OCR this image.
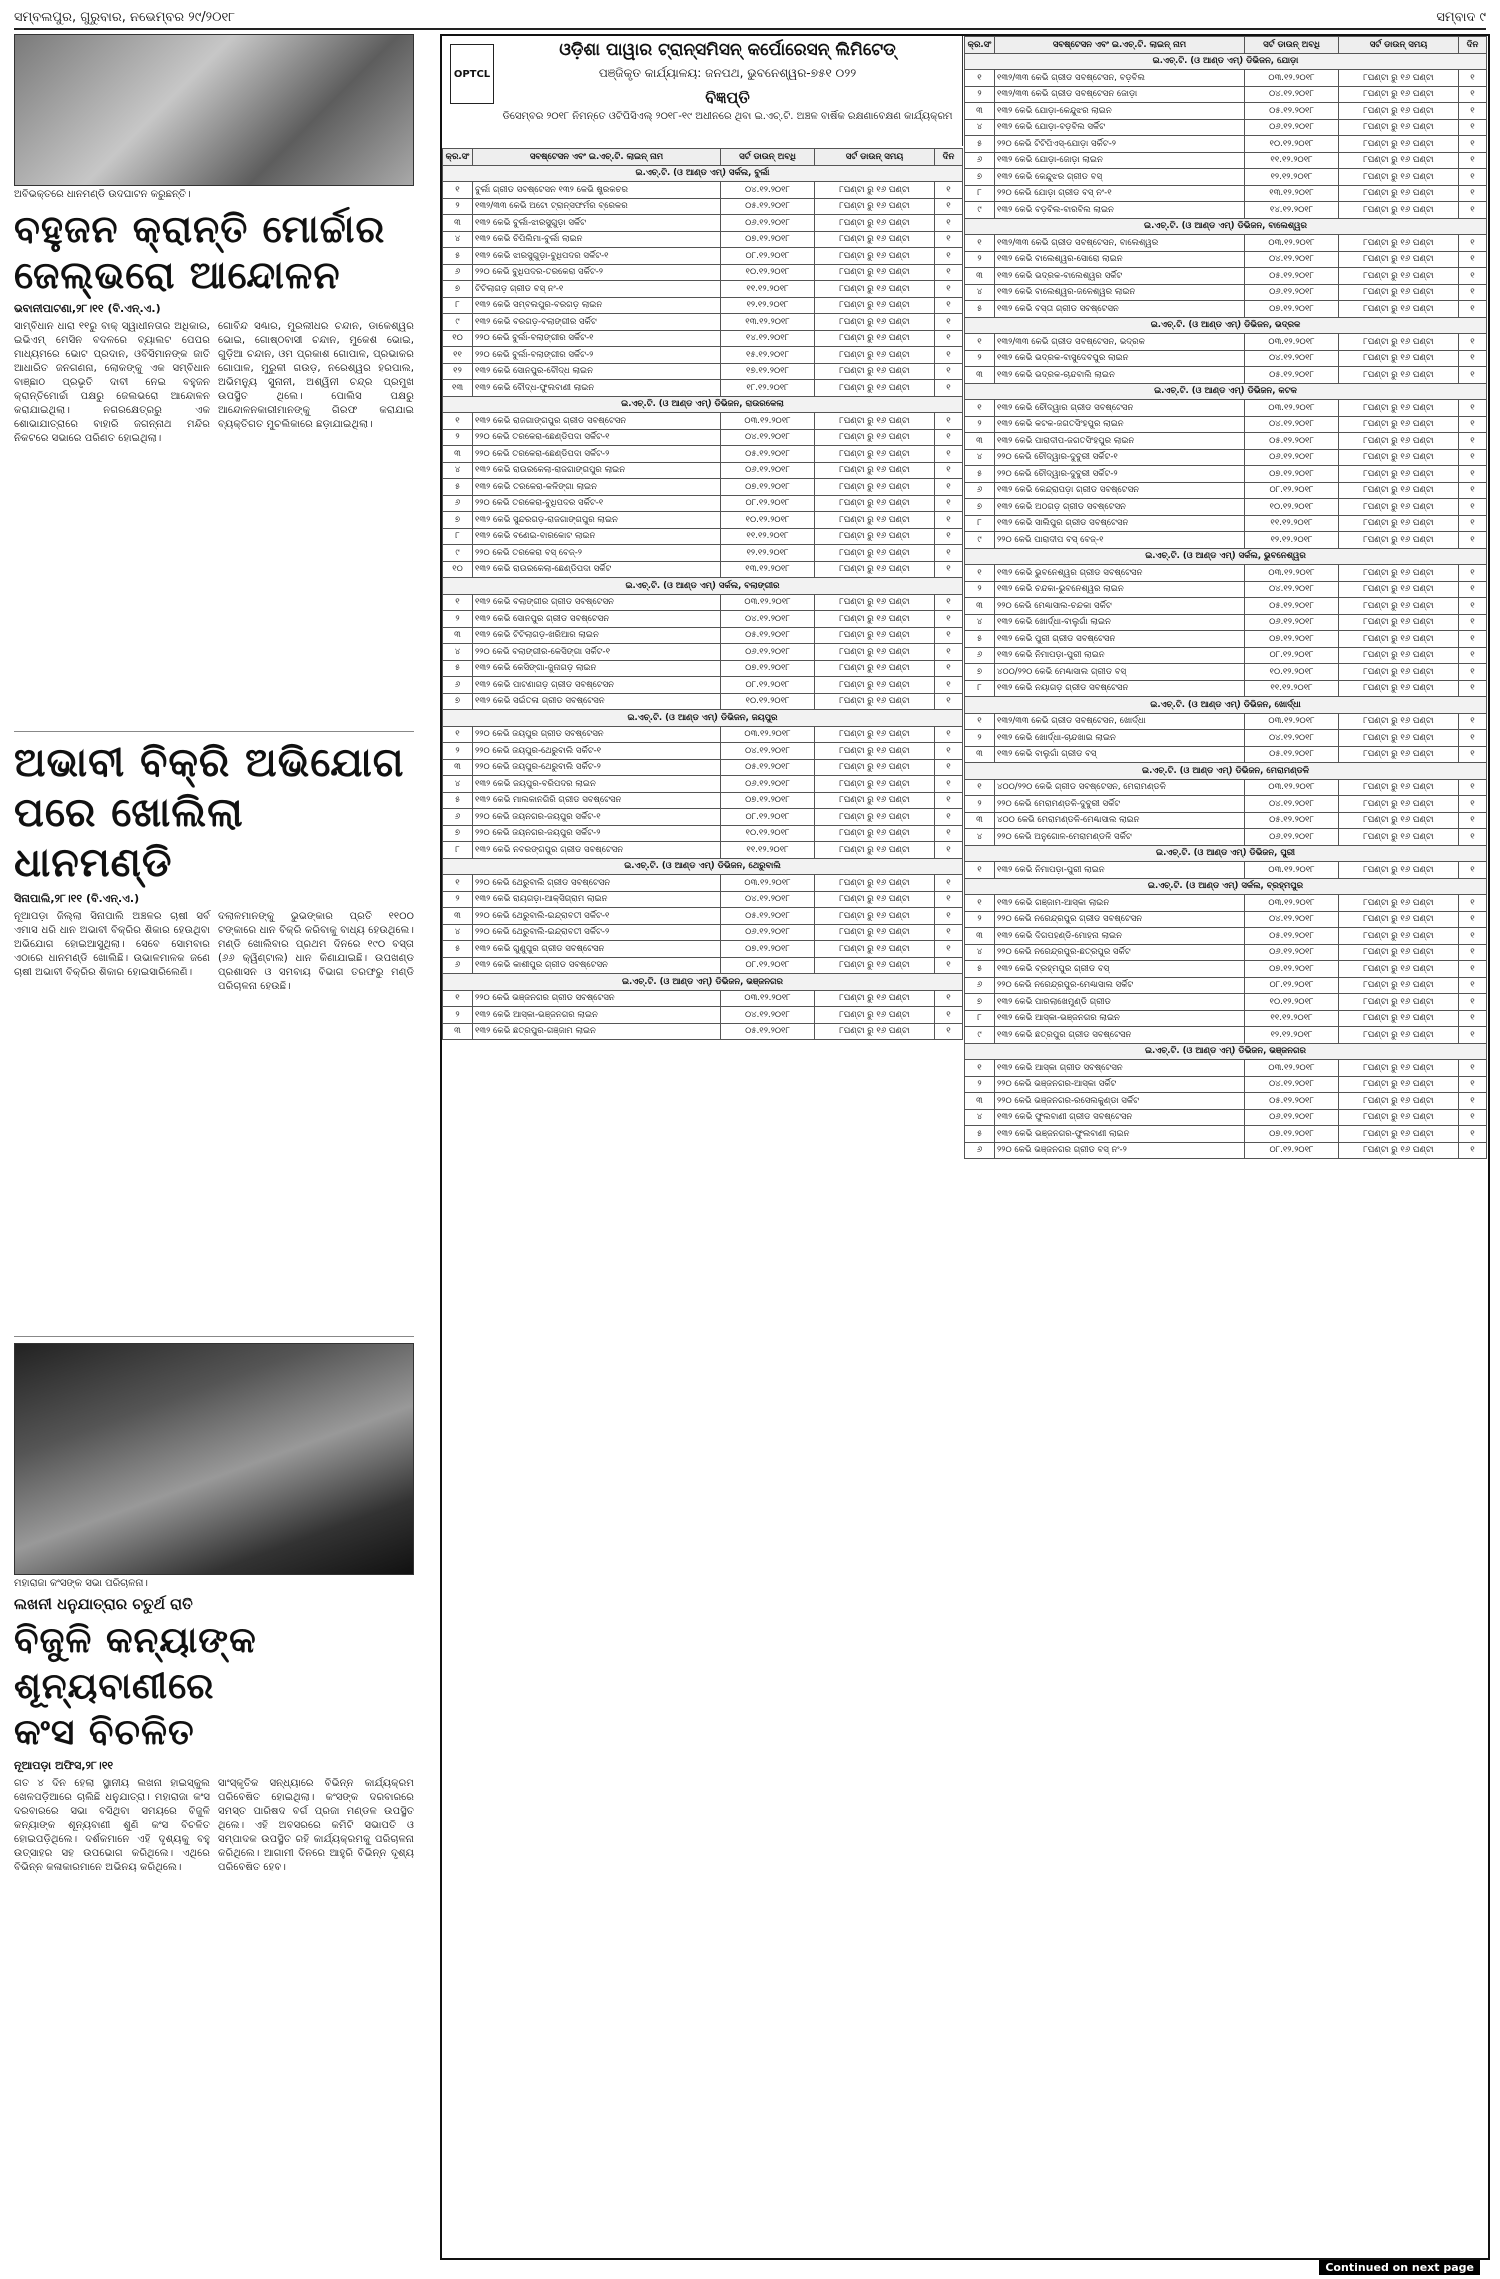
ସମ୍ବଲପୁର, ଗୁରୁବାର, ନଭେମ୍ବର ୨୯/୨୦୧୮	ସମ୍ବାଦ ୯
ଅବିଭକ୍ତରେ ଧାନମଣ୍ଡି ଉଦଘାଟନ କରୁଛନ୍ତି।
ବହୁଜନ କ୍ରାନ୍ତି ମୋର୍ଚ୍ଚାର
ଜେଲ୍‌ଭରୋ ଆନ୍ଦୋଳନ
ଭବାନୀପାଟଣା,୨୮।୧୧ (ବି.ଏନ୍.ଏ.)

ସାମ୍ବିଧାନ ଧାରା ୧୧ରୁ ବାକ୍ ସ୍ୱାଧୀନତାର ଅଧିକାର, ଇଭିଏମ୍ ମେସିନ ବଦଳରେ ବ୍ୟାଲଟ ପେପର ମାଧ୍ୟମରେ ଭୋଟ ପ୍ରଦାନ, ଓବିସିମାନଙ୍କ ଜାତି ଆଧାରିତ ଜନଗଣନା, ଲୋକଙ୍କୁ ଏକ ସମ୍ବିଧାନ ବାଞ୍ଛାଠ ପ୍ରଭୃତି ଦାବୀ ନେଇ ବହୁଜନ କ୍ରାନ୍ତିମୋର୍ଚ୍ଚା ପକ୍ଷରୁ ଜେଲଭରୋ ଆନ୍ଦୋଳନ କରାଯାଇଥିଲା। ନଗରକ୍ଷେତ୍ରରୁ ଏକ ଶୋଭାଯାତ୍ରାରେ ବାହାରି ଜଗନ୍ନାଥ ମନ୍ଦିର ନିକଟରେ ସଭାରେ ପରିଣତ ହୋଇଥିଲା।

ଗୋବିନ୍ଦ ସଣ୍ଢାର, ମୁରଲୀଧର ଚନ୍ଦାନ, ଡାକେଶ୍ୱର ଭୋଇ, ଗୋଷ୍ଠବାସୀ ଚନ୍ଦାନ, ମୁକେଶ ଭୋଇ, ଗୁଡ଼ିଆ ଚନ୍ଦାନ, ଓମ ପ୍ରକାଶ ଗୋପାଳ, ପ୍ରଭାକର ଗୋପାଳ, ମୁରୁଳୀ ଗଉଡ଼, ନରେଶ୍ୱର ହରପାଲ, ଅଭିମନ୍ୟୁ ସୁନାନୀ, ଅଶ୍ୱିନୀ ଚନ୍ଦ୍ର ପ୍ରମୁଖ ଉପସ୍ଥିତ ଥିଲେ। ପୋଲିସ ପକ୍ଷରୁ ଆନ୍ଦୋଳନକାରୀମାନଙ୍କୁ ଗିରଫ କରାଯାଇ ବ୍ୟକ୍ତିଗତ ମୁଚଲିକାରେ ଛଡ଼ାଯାଇଥିଲା।

ଅଭାବୀ ବିକ୍ରି ଅଭିଯୋଗ
ପରେ ଖୋଲିଲା ଧାନମଣ୍ଡି
ସିନାପାଲି,୨୮।୧୧ (ବି.ଏନ୍.ଏ.)

ନୂଆପଡ଼ା ଜିଲ୍ଲା ସିନାପାଲି ଅଞ୍ଚଳର ଚାଷୀ ସର୍ବ ଏମାସ ଧରି ଧାନ ଅଭାବୀ ବିକ୍ରିର ଶିକାର ହେଉଥିବା ଅଭିଯୋଗ ହୋଇଆସୁଥିଲା। ସେବେ ସୋମବାର ଏଠାରେ ଧାନମଣ୍ଡି ଖୋଲିଛି। ଉଭାଳମାଳକ ଜଣେ ଚାଷୀ ଅଭାବୀ ବିକ୍ରିର ଶିକାର ହୋଇସାରିଲେଣି।

ଦଲାଳମାନଙ୍କୁ ଭୁଭଙ୍କାର ପ୍ରତି ୧୧୦୦ ଟଙ୍କାରେ ଧାନ ବିକ୍ରି କରିବାକୁ ବାଧ୍ୟ ହେଉଥିଲେ। ମଣ୍ଡି ଖୋଲିବାର ପ୍ରଥମ ଦିନରେ ୧୯୦ ବସ୍ତା (୬୬ କ୍ୱିଣ୍ଟାଲ) ଧାନ କିଣାଯାଇଛି। ଉପଖଣ୍ଡ ପ୍ରଶାସନ ଓ ସମବାୟ ବିଭାଗ ତରଫରୁ ମଣ୍ଡି ପରିଚାଳନା ହେଉଛି।

ମହାରାଜା କଂସଙ୍କ ସଭା ପରିଚାଳନା।
ଲଖନୀ ଧନୁଯାତ୍ରାର ଚତୁର୍ଥ ରାତି
ବିଜୁଳି କନ୍ୟାଙ୍କ ଶୂନ୍ୟବାଣୀରେ
କଂସ ବିଚଳିତ
ନୂଆପଡ଼ା ଅଫିସ,୨୮।୧୧

ଗତ ୪ ଦିନ ହେଲା ସ୍ଥାନୀୟ ଲଖନା ହାଇସ୍କୁଲ ଖେଳପଡ଼ିଆରେ ଚାଲିଛି ଧନୁଯାତ୍ରା। ମହାରାଜା କଂସ ଦରବାରରେ ସଭା ବସିଥିବା ସମୟରେ ବିଜୁଳି କନ୍ୟାଙ୍କ ଶୂନ୍ୟବାଣୀ ଶୁଣି କଂସ ବିଚଳିତ ହୋଇପଡ଼ିଥିଲେ। ଦର୍ଶକମାନେ ଏହି ଦୃଶ୍ୟକୁ ବହୁ ଉତ୍ସାହର ସହ ଉପଭୋଗ କରିଥିଲେ। ଏଥିରେ ବିଭିନ୍ନ କଳାକାରମାନେ ଅଭିନୟ କରିଥିଲେ।

ସାଂସ୍କୃତିକ ସନ୍ଧ୍ୟାରେ ବିଭିନ୍ନ କାର୍ଯ୍ୟକ୍ରମ ପରିବେଷିତ ହୋଇଥିଲା। କଂସଙ୍କ ଦରବାରରେ ସମସ୍ତ ପାରିଷଦ ବର୍ଗ ପ୍ରଜା ମଣ୍ଡଳ ଉପସ୍ଥିତ ଥିଲେ। ଏହି ଅବସରରେ କମିଟି ସଭାପତି ଓ ସମ୍ପାଦକ ଉପସ୍ଥିତ ରହି କାର୍ଯ୍ୟକ୍ରମକୁ ପରିଚାଳନା କରିଥିଲେ। ଆଗାମୀ ଦିନରେ ଆହୁରି ବିଭିନ୍ନ ଦୃଶ୍ୟ ପରିବେଷିତ ହେବ।

OPTCL
ଓଡ଼ିଶା ପାୱାର ଟ୍ରାନ୍ସମିସନ୍ କର୍ପୋରେସନ୍ ଲିମିଟେଡ୍
ପଞ୍ଜିକୃତ କାର୍ଯ୍ୟାଳୟ: ଜନପଥ, ଭୁବନେଶ୍ୱର-୭୫୧ ୦୨୨
ବିଜ୍ଞପ୍ତି
ଡିସେମ୍ବର ୨୦୧୮ ନିମନ୍ତେ ଓଟିପିସିଏଲ୍ ୨୦୧୮-୧୯ ଅଧୀନରେ ଥିବା ଇ.ଏଚ୍.ଟି. ଅଞ୍ଚଳ ବାର୍ଷିକ ରକ୍ଷଣାବେକ୍ଷଣ କାର୍ଯ୍ୟକ୍ରମ
କ୍ର.ସଂ	ସବଷ୍ଟେସନ ଏବଂ ଇ.ଏଚ୍.ଟି. ଲାଇନ୍ ନାମ	ସର୍ଟ ଡାଉନ୍ ଅବଧି	ସର୍ଟ ଡାଉନ୍ ସମୟ	ଦିନ
ଇ.ଏଚ୍.ଟି. (ଓ ଆଣ୍ଡ ଏମ୍) ସର୍କଲ, ବୁର୍ଲା				
୧	ବୁର୍ଲା ଗ୍ରୀଡ ସବଷ୍ଟେସନ ୧୩୨ କେଭି ଷ୍ଟ୍ରକଚର	୦୪.୧୨.୨୦୧୮	୮ଘଣ୍ଟା ରୁ ୧୬ ଘଣ୍ଟା	୧
୨	୧୩୨/୩୩ କେଭି ଅଟୋ ଟ୍ରାନ୍ସଫର୍ମର ବ୍ରେକର	୦୫.୧୨.୨୦୧୮	୮ଘଣ୍ଟା ରୁ ୧୬ ଘଣ୍ଟା	୧
୩	୧୩୨ କେଭି ବୁର୍ଲା-ଝାରସୁଗୁଡ଼ା ସର୍କିଟ	୦୬.୧୨.୨୦୧୮	୮ଘଣ୍ଟା ରୁ ୧୬ ଘଣ୍ଟା	୧
୪	୧୩୨ କେଭି ଚିପିଲିମା-ବୁର୍ଲା ଲାଇନ	୦୭.୧୨.୨୦୧୮	୮ଘଣ୍ଟା ରୁ ୧୬ ଘଣ୍ଟା	୧
୫	୧୩୨ କେଭି ଝାରସୁଗୁଡ଼ା-ବୁଧିପଦର ସର୍କିଟ-୧	୦୮.୧୨.୨୦୧୮	୮ଘଣ୍ଟା ରୁ ୧୬ ଘଣ୍ଟା	୧
୬	୨୨୦ କେଭି ବୁଧିପଦର-ତରକେରା ସର୍କିଟ-୨	୧୦.୧୨.୨୦୧୮	୮ଘଣ୍ଟା ରୁ ୧୬ ଘଣ୍ଟା	୧
୭	ଟିଟିଲାଗଡ଼ ଗ୍ରୀଡ ବସ୍ ନଂ-୧	୧୧.୧୨.୨୦୧୮	୮ଘଣ୍ଟା ରୁ ୧୬ ଘଣ୍ଟା	୧
୮	୧୩୨ କେଭି ସମ୍ବଲପୁର-ବରଗଡ଼ ଲାଇନ	୧୨.୧୨.୨୦୧୮	୮ଘଣ୍ଟା ରୁ ୧୬ ଘଣ୍ଟା	୧
୯	୧୩୨ କେଭି ବରଗଡ଼-ବଲାଙ୍ଗୀର ସର୍କିଟ	୧୩.୧୨.୨୦୧୮	୮ଘଣ୍ଟା ରୁ ୧୬ ଘଣ୍ଟା	୧
୧୦	୨୨୦ କେଭି ବୁର୍ଲା-ବଲାଙ୍ଗୀର ସର୍କିଟ-୧	୧୪.୧୨.୨୦୧୮	୮ଘଣ୍ଟା ରୁ ୧୬ ଘଣ୍ଟା	୧
୧୧	୨୨୦ କେଭି ବୁର୍ଲା-ବଲାଙ୍ଗୀର ସର୍କିଟ-୨	୧୫.୧୨.୨୦୧୮	୮ଘଣ୍ଟା ରୁ ୧୬ ଘଣ୍ଟା	୧
୧୨	୧୩୨ କେଭି ସୋନପୁର-ବୌଦ୍ଧ ଲାଇନ	୧୭.୧୨.୨୦୧୮	୮ଘଣ୍ଟା ରୁ ୧୬ ଘଣ୍ଟା	୧
୧୩	୧୩୨ କେଭି ବୌଦ୍ଧ-ଫୁଲବାଣୀ ଲାଇନ	୧୮.୧୨.୨୦୧୮	୮ଘଣ୍ଟା ରୁ ୧୬ ଘଣ୍ଟା	୧
ଇ.ଏଚ୍.ଟି. (ଓ ଆଣ୍ଡ ଏମ୍) ଡିଭିଜନ, ରାଉରକେଲା				
୧	୧୩୨ କେଭି ରାଜଗାଙ୍ଗପୁର ଗ୍ରୀଡ ସବଷ୍ଟେସନ	୦୩.୧୨.୨୦୧୮	୮ଘଣ୍ଟା ରୁ ୧୬ ଘଣ୍ଟା	୧
୨	୨୨୦ କେଭି ତରକେରା-ଛେଣ୍ଡିପଦା ସର୍କିଟ-୧	୦୪.୧୨.୨୦୧୮	୮ଘଣ୍ଟା ରୁ ୧୬ ଘଣ୍ଟା	୧
୩	୨୨୦ କେଭି ତରକେରା-ଛେଣ୍ଡିପଦା ସର୍କିଟ-୨	୦୫.୧୨.୨୦୧୮	୮ଘଣ୍ଟା ରୁ ୧୬ ଘଣ୍ଟା	୧
୪	୧୩୨ କେଭି ରାଉରକେଲା-ରାଜଗାଙ୍ଗପୁର ଲାଇନ	୦୬.୧୨.୨୦୧୮	୮ଘଣ୍ଟା ରୁ ୧୬ ଘଣ୍ଟା	୧
୫	୧୩୨ କେଭି ତରକେରା-କଳିଙ୍ଗା ଲାଇନ	୦୭.୧୨.୨୦୧୮	୮ଘଣ୍ଟା ରୁ ୧୬ ଘଣ୍ଟା	୧
୬	୨୨୦ କେଭି ତରକେରା-ବୁଧିପଦର ସର୍କିଟ-୧	୦୮.୧୨.୨୦୧୮	୮ଘଣ୍ଟା ରୁ ୧୬ ଘଣ୍ଟା	୧
୭	୧୩୨ କେଭି ସୁନ୍ଦରଗଡ଼-ରାଜଗାଙ୍ଗପୁର ଲାଇନ	୧୦.୧୨.୨୦୧୮	୮ଘଣ୍ଟା ରୁ ୧୬ ଘଣ୍ଟା	୧
୮	୧୩୨ କେଭି ବଣେଇ-ବାରକୋଟ ଲାଇନ	୧୧.୧୨.୨୦୧୮	୮ଘଣ୍ଟା ରୁ ୧୬ ଘଣ୍ଟା	୧
୯	୨୨୦ କେଭି ତରକେରା ବସ୍ ବେଜ୍-୨	୧୨.୧୨.୨୦୧୮	୮ଘଣ୍ଟା ରୁ ୧୬ ଘଣ୍ଟା	୧
୧୦	୧୩୨ କେଭି ରାଉରକେଲା-ଛେଣ୍ଡିପଦା ସର୍କିଟ	୧୩.୧୨.୨୦୧୮	୮ଘଣ୍ଟା ରୁ ୧୬ ଘଣ୍ଟା	୧
ଇ.ଏଚ୍.ଟି. (ଓ ଆଣ୍ଡ ଏମ୍) ସର୍କଲ, ବଲାଙ୍ଗୀର				
୧	୧୩୨ କେଭି ବଲାଙ୍ଗୀର ଗ୍ରୀଡ ସବଷ୍ଟେସନ	୦୩.୧୨.୨୦୧୮	୮ଘଣ୍ଟା ରୁ ୧୬ ଘଣ୍ଟା	୧
୨	୧୩୨ କେଭି ସୋନପୁର ଗ୍ରୀଡ ସବଷ୍ଟେସନ	୦୪.୧୨.୨୦୧୮	୮ଘଣ୍ଟା ରୁ ୧୬ ଘଣ୍ଟା	୧
୩	୧୩୨ କେଭି ଟିଟିଲାଗଡ଼-ଖରିଆର ଲାଇନ	୦୫.୧୨.୨୦୧୮	୮ଘଣ୍ଟା ରୁ ୧୬ ଘଣ୍ଟା	୧
୪	୨୨୦ କେଭି ବଲାଙ୍ଗୀର-କେସିଙ୍ଗା ସର୍କିଟ-୧	୦୬.୧୨.୨୦୧୮	୮ଘଣ୍ଟା ରୁ ୧୬ ଘଣ୍ଟା	୧
୫	୧୩୨ କେଭି କେସିଙ୍ଗା-ଜୁନାଗଡ଼ ଲାଇନ	୦୭.୧୨.୨୦୧୮	୮ଘଣ୍ଟା ରୁ ୧୬ ଘଣ୍ଟା	୧
୬	୧୩୨ କେଭି ପାଟଣାଗଡ଼ ଗ୍ରୀଡ ସବଷ୍ଟେସନ	୦୮.୧୨.୨୦୧୮	୮ଘଣ୍ଟା ରୁ ୧୬ ଘଣ୍ଟା	୧
୭	୧୩୨ କେଭି ସଇଁତଳା ଗ୍ରୀଡ ସବଷ୍ଟେସନ	୧୦.୧୨.୨୦୧୮	୮ଘଣ୍ଟା ରୁ ୧୬ ଘଣ୍ଟା	୧
ଇ.ଏଚ୍.ଟି. (ଓ ଆଣ୍ଡ ଏମ୍) ଡିଭିଜନ, ଜୟପୁର				
୧	୨୨୦ କେଭି ଜୟପୁର ଗ୍ରୀଡ ସବଷ୍ଟେସନ	୦୩.୧୨.୨୦୧୮	୮ଘଣ୍ଟା ରୁ ୧୬ ଘଣ୍ଟା	୧
୨	୨୨୦ କେଭି ଜୟପୁର-ଥେରୁବାଲି ସର୍କିଟ-୧	୦୪.୧୨.୨୦୧୮	୮ଘଣ୍ଟା ରୁ ୧୬ ଘଣ୍ଟା	୧
୩	୨୨୦ କେଭି ଜୟପୁର-ଥେରୁବାଲି ସର୍କିଟ-୨	୦୫.୧୨.୨୦୧୮	୮ଘଣ୍ଟା ରୁ ୧୬ ଘଣ୍ଟା	୧
୪	୧୩୨ କେଭି ଜୟପୁର-ବରିପଦର ଲାଇନ	୦୬.୧୨.୨୦୧୮	୮ଘଣ୍ଟା ରୁ ୧୬ ଘଣ୍ଟା	୧
୫	୧୩୨ କେଭି ମାଲକାନଗିରି ଗ୍ରୀଡ ସବଷ୍ଟେସନ	୦୭.୧୨.୨୦୧୮	୮ଘଣ୍ଟା ରୁ ୧୬ ଘଣ୍ଟା	୧
୬	୨୨୦ କେଭି ଜୟନଗର-ଜୟପୁର ସର୍କିଟ-୧	୦୮.୧୨.୨୦୧୮	୮ଘଣ୍ଟା ରୁ ୧୬ ଘଣ୍ଟା	୧
୭	୨୨୦ କେଭି ଜୟନଗର-ଜୟପୁର ସର୍କିଟ-୨	୧୦.୧୨.୨୦୧୮	୮ଘଣ୍ଟା ରୁ ୧୬ ଘଣ୍ଟା	୧
୮	୧୩୨ କେଭି ନବରଙ୍ଗପୁର ଗ୍ରୀଡ ସବଷ୍ଟେସନ	୧୧.୧୨.୨୦୧୮	୮ଘଣ୍ଟା ରୁ ୧୬ ଘଣ୍ଟା	୧
ଇ.ଏଚ୍.ଟି. (ଓ ଆଣ୍ଡ ଏମ୍) ଡିଭିଜନ, ଥେରୁବାଲି				
୧	୨୨୦ କେଭି ଥେରୁବାଲି ଗ୍ରୀଡ ସବଷ୍ଟେସନ	୦୩.୧୨.୨୦୧୮	୮ଘଣ୍ଟା ରୁ ୧୬ ଘଣ୍ଟା	୧
୨	୧୩୨ କେଭି ରାୟଗଡ଼ା-ଆକ୍ସିଗ୍ରାମ ଲାଇନ	୦୪.୧୨.୨୦୧୮	୮ଘଣ୍ଟା ରୁ ୧୬ ଘଣ୍ଟା	୧
୩	୨୨୦ କେଭି ଥେରୁବାଲି-ଇନ୍ଦ୍ରାବତୀ ସର୍କିଟ-୧	୦୫.୧୨.୨୦୧୮	୮ଘଣ୍ଟା ରୁ ୧୬ ଘଣ୍ଟା	୧
୪	୨୨୦ କେଭି ଥେରୁବାଲି-ଇନ୍ଦ୍ରାବତୀ ସର୍କିଟ-୨	୦୬.୧୨.୨୦୧୮	୮ଘଣ୍ଟା ରୁ ୧୬ ଘଣ୍ଟା	୧
୫	୧୩୨ କେଭି ଗୁଣୁପୁର ଗ୍ରୀଡ ସବଷ୍ଟେସନ	୦୭.୧୨.୨୦୧୮	୮ଘଣ୍ଟା ରୁ ୧୬ ଘଣ୍ଟା	୧
୬	୧୩୨ କେଭି କାଶୀପୁର ଗ୍ରୀଡ ସବଷ୍ଟେସନ	୦୮.୧୨.୨୦୧୮	୮ଘଣ୍ଟା ରୁ ୧୬ ଘଣ୍ଟା	୧
ଇ.ଏଚ୍.ଟି. (ଓ ଆଣ୍ଡ ଏମ୍) ଡିଭିଜନ, ଭଞ୍ଜନଗର				
୧	୨୨୦ କେଭି ଭଞ୍ଜନଗର ଗ୍ରୀଡ ସବଷ୍ଟେସନ	୦୩.୧୨.୨୦୧୮	୮ଘଣ୍ଟା ରୁ ୧୬ ଘଣ୍ଟା	୧
୨	୧୩୨ କେଭି ଆସ୍କା-ଭଞ୍ଜନଗର ଲାଇନ	୦୪.୧୨.୨୦୧୮	୮ଘଣ୍ଟା ରୁ ୧୬ ଘଣ୍ଟା	୧
୩	୧୩୨ କେଭି ଛତ୍ରପୁର-ଗଞ୍ଜାମ ଲାଇନ	୦୫.୧୨.୨୦୧୮	୮ଘଣ୍ଟା ରୁ ୧୬ ଘଣ୍ଟା	୧
କ୍ର.ସଂ	ସବଷ୍ଟେସନ ଏବଂ ଇ.ଏଚ୍.ଟି. ଲାଇନ୍ ନାମ	ସର୍ଟ ଡାଉନ୍ ଅବଧି	ସର୍ଟ ଡାଉନ୍ ସମୟ	ଦିନ
ଇ.ଏଚ୍.ଟି. (ଓ ଆଣ୍ଡ ଏମ୍) ଡିଭିଜନ, ଯୋଡ଼ା				
୧	୧୩୨/୩୩ କେଭି ଗ୍ରୀଡ ସବଷ୍ଟେସନ, ବଡ଼ବିଲ	୦୩.୧୨.୨୦୧୮	୮ଘଣ୍ଟା ରୁ ୧୬ ଘଣ୍ଟା	୧
୨	୧୩୨/୩୩ କେଭି ଗ୍ରୀଡ ସବଷ୍ଟେସନ ଜୋଡ଼ା	୦୪.୧୨.୨୦୧୮	୮ଘଣ୍ଟା ରୁ ୧୬ ଘଣ୍ଟା	୧
୩	୧୩୨ କେଭି ଯୋଡ଼ା-କେନ୍ଦୁଝର ଲାଇନ	୦୫.୧୨.୨୦୧୮	୮ଘଣ୍ଟା ରୁ ୧୬ ଘଣ୍ଟା	୧
୪	୧୩୨ କେଭି ଯୋଡ଼ା-ବଡ଼ବିଲ ସର୍କିଟ	୦୬.୧୨.୨୦୧୮	୮ଘଣ୍ଟା ରୁ ୧୬ ଘଣ୍ଟା	୧
୫	୨୨୦ କେଭି ଟିଟିପିଏସ୍-ଯୋଡ଼ା ସର୍କିଟ-୨	୧୦.୧୨.୨୦୧୮	୮ଘଣ୍ଟା ରୁ ୧୬ ଘଣ୍ଟା	୧
୬	୧୩୨ କେଭି ଯୋଡ଼ା-ଜୋଡ଼ା ଲାଇନ	୧୧.୧୨.୨୦୧୮	୮ଘଣ୍ଟା ରୁ ୧୬ ଘଣ୍ଟା	୧
୭	୧୩୨ କେଭି କେନ୍ଦୁଝର ଗ୍ରୀଡ ବସ୍	୧୨.୧୨.୨୦୧୮	୮ଘଣ୍ଟା ରୁ ୧୬ ଘଣ୍ଟା	୧
୮	୨୨୦ କେଭି ଯୋଡ଼ା ଗ୍ରୀଡ ବସ୍ ନଂ-୧	୧୩.୧୨.୨୦୧୮	୮ଘଣ୍ଟା ରୁ ୧୬ ଘଣ୍ଟା	୧
୯	୧୩୨ କେଭି ବଡ଼ବିଲ-ବାରବିଲ ଲାଇନ	୧୪.୧୨.୨୦୧୮	୮ଘଣ୍ଟା ରୁ ୧୬ ଘଣ୍ଟା	୧
ଇ.ଏଚ୍.ଟି. (ଓ ଆଣ୍ଡ ଏମ୍) ଡିଭିଜନ, ବାଲେଶ୍ୱର				
୧	୧୩୨/୩୩ କେଭି ଗ୍ରୀଡ ସବଷ୍ଟେସନ, ବାଲେଶ୍ୱର	୦୩.୧୨.୨୦୧୮	୮ଘଣ୍ଟା ରୁ ୧୬ ଘଣ୍ଟା	୧
୨	୧୩୨ କେଭି ବାଲେଶ୍ୱର-ସୋରୋ ଲାଇନ	୦୪.୧୨.୨୦୧୮	୮ଘଣ୍ଟା ରୁ ୧୬ ଘଣ୍ଟା	୧
୩	୧୩୨ କେଭି ଭଦ୍ରକ-ବାଲେଶ୍ୱର ସର୍କିଟ	୦୫.୧୨.୨୦୧୮	୮ଘଣ୍ଟା ରୁ ୧୬ ଘଣ୍ଟା	୧
୪	୧୩୨ କେଭି ବାଲେଶ୍ୱର-ଜଳେଶ୍ୱର ଲାଇନ	୦୬.୧୨.୨୦୧୮	୮ଘଣ୍ଟା ରୁ ୧୬ ଘଣ୍ଟା	୧
୫	୧୩୨ କେଭି ବସ୍ତା ଗ୍ରୀଡ ସବଷ୍ଟେସନ	୦୭.୧୨.୨୦୧୮	୮ଘଣ୍ଟା ରୁ ୧୬ ଘଣ୍ଟା	୧
ଇ.ଏଚ୍.ଟି. (ଓ ଆଣ୍ଡ ଏମ୍) ଡିଭିଜନ, ଭଦ୍ରକ				
୧	୧୩୨/୩୩ କେଭି ଗ୍ରୀଡ ସବଷ୍ଟେସନ, ଭଦ୍ରକ	୦୩.୧୨.୨୦୧୮	୮ଘଣ୍ଟା ରୁ ୧୬ ଘଣ୍ଟା	୧
୨	୧୩୨ କେଭି ଭଦ୍ରକ-ବାସୁଦେବପୁର ଲାଇନ	୦୪.୧୨.୨୦୧୮	୮ଘଣ୍ଟା ରୁ ୧୬ ଘଣ୍ଟା	୧
୩	୧୩୨ କେଭି ଭଦ୍ରକ-ଚାନ୍ଦବାଲି ଲାଇନ	୦୫.୧୨.୨୦୧୮	୮ଘଣ୍ଟା ରୁ ୧୬ ଘଣ୍ଟା	୧
ଇ.ଏଚ୍.ଟି. (ଓ ଆଣ୍ଡ ଏମ୍) ଡିଭିଜନ, କଟକ				
୧	୧୩୨ କେଭି ଚୌଦ୍ୱାର ଗ୍ରୀଡ ସବଷ୍ଟେସନ	୦୩.୧୨.୨୦୧୮	୮ଘଣ୍ଟା ରୁ ୧୬ ଘଣ୍ଟା	୧
୨	୧୩୨ କେଭି କଟକ-ଜଗତସିଂହପୁର ଲାଇନ	୦୪.୧୨.୨୦୧୮	୮ଘଣ୍ଟା ରୁ ୧୬ ଘଣ୍ଟା	୧
୩	୧୩୨ କେଭି ପାରାଦୀପ-ଜଗତସିଂହପୁର ଲାଇନ	୦୫.୧୨.୨୦୧୮	୮ଘଣ୍ଟା ରୁ ୧୬ ଘଣ୍ଟା	୧
୪	୨୨୦ କେଭି ଚୌଦ୍ୱାର-ଦୁବୁରୀ ସର୍କିଟ-୧	୦୬.୧୨.୨୦୧୮	୮ଘଣ୍ଟା ରୁ ୧୬ ଘଣ୍ଟା	୧
୫	୨୨୦ କେଭି ଚୌଦ୍ୱାର-ଦୁବୁରୀ ସର୍କିଟ-୨	୦୭.୧୨.୨୦୧୮	୮ଘଣ୍ଟା ରୁ ୧୬ ଘଣ୍ଟା	୧
୬	୧୩୨ କେଭି କେନ୍ଦ୍ରାପଡ଼ା ଗ୍ରୀଡ ସବଷ୍ଟେସନ	୦୮.୧୨.୨୦୧୮	୮ଘଣ୍ଟା ରୁ ୧୬ ଘଣ୍ଟା	୧
୭	୧୩୨ କେଭି ଅଠଗଡ଼ ଗ୍ରୀଡ ସବଷ୍ଟେସନ	୧୦.୧୨.୨୦୧୮	୮ଘଣ୍ଟା ରୁ ୧୬ ଘଣ୍ଟା	୧
୮	୧୩୨ କେଭି ସାଲିପୁର ଗ୍ରୀଡ ସବଷ୍ଟେସନ	୧୧.୧୨.୨୦୧୮	୮ଘଣ୍ଟା ରୁ ୧୬ ଘଣ୍ଟା	୧
୯	୨୨୦ କେଭି ପାରାଦୀପ ବସ୍ ବେଜ୍-୧	୧୨.୧୨.୨୦୧୮	୮ଘଣ୍ଟା ରୁ ୧୬ ଘଣ୍ଟା	୧
ଇ.ଏଚ୍.ଟି. (ଓ ଆଣ୍ଡ ଏମ୍) ସର୍କଲ, ଭୁବନେଶ୍ୱର				
୧	୧୩୨ କେଭି ଭୁବନେଶ୍ୱର ଗ୍ରୀଡ ସବଷ୍ଟେସନ	୦୩.୧୨.୨୦୧୮	୮ଘଣ୍ଟା ରୁ ୧୬ ଘଣ୍ଟା	୧
୨	୧୩୨ କେଭି ଚନ୍ଦକା-ଭୁବନେଶ୍ୱର ଲାଇନ	୦୪.୧୨.୨୦୧୮	୮ଘଣ୍ଟା ରୁ ୧୬ ଘଣ୍ଟା	୧
୩	୨୨୦ କେଭି ମେଣ୍ଢାସାଲ-ଚନ୍ଦକା ସର୍କିଟ	୦୫.୧୨.୨୦୧୮	୮ଘଣ୍ଟା ରୁ ୧୬ ଘଣ୍ଟା	୧
୪	୧୩୨ କେଭି ଖୋର୍ଦ୍ଧା-ବାଲୁଗାଁ ଲାଇନ	୦୬.୧୨.୨୦୧୮	୮ଘଣ୍ଟା ରୁ ୧୬ ଘଣ୍ଟା	୧
୫	୧୩୨ କେଭି ପୁରୀ ଗ୍ରୀଡ ସବଷ୍ଟେସନ	୦୭.୧୨.୨୦୧୮	୮ଘଣ୍ଟା ରୁ ୧୬ ଘଣ୍ଟା	୧
୬	୧୩୨ କେଭି ନିମାପଡ଼ା-ପୁରୀ ଲାଇନ	୦୮.୧୨.୨୦୧୮	୮ଘଣ୍ଟା ରୁ ୧୬ ଘଣ୍ଟା	୧
୭	୪୦୦/୨୨୦ କେଭି ମେଣ୍ଢାସାଲ ଗ୍ରୀଡ ବସ୍	୧୦.୧୨.୨୦୧୮	୮ଘଣ୍ଟା ରୁ ୧୬ ଘଣ୍ଟା	୧
୮	୧୩୨ କେଭି ନୟାଗଡ଼ ଗ୍ରୀଡ ସବଷ୍ଟେସନ	୧୧.୧୨.୨୦୧୮	୮ଘଣ୍ଟା ରୁ ୧୬ ଘଣ୍ଟା	୧
ଇ.ଏଚ୍.ଟି. (ଓ ଆଣ୍ଡ ଏମ୍) ଡିଭିଜନ, ଖୋର୍ଦ୍ଧା				
୧	୧୩୨/୩୩ କେଭି ଗ୍ରୀଡ ସବଷ୍ଟେସନ, ଖୋର୍ଦ୍ଧା	୦୩.୧୨.୨୦୧୮	୮ଘଣ୍ଟା ରୁ ୧୬ ଘଣ୍ଟା	୧
୨	୧୩୨ କେଭି ଖୋର୍ଦ୍ଧା-ଚାନ୍ଦଖାଇ ଲାଇନ	୦୪.୧୨.୨୦୧୮	୮ଘଣ୍ଟା ରୁ ୧୬ ଘଣ୍ଟା	୧
୩	୧୩୨ କେଭି ବାଲୁଗାଁ ଗ୍ରୀଡ ବସ୍	୦୫.୧୨.୨୦୧୮	୮ଘଣ୍ଟା ରୁ ୧୬ ଘଣ୍ଟା	୧
ଇ.ଏଚ୍.ଟି. (ଓ ଆଣ୍ଡ ଏମ୍) ଡିଭିଜନ, ମେରାମଣ୍ଡଳି				
୧	୪୦୦/୨୨୦ କେଭି ଗ୍ରୀଡ ସବଷ୍ଟେସନ, ମେରାମଣ୍ଡଳି	୦୩.୧୨.୨୦୧୮	୮ଘଣ୍ଟା ରୁ ୧୬ ଘଣ୍ଟା	୧
୨	୨୨୦ କେଭି ମେରାମଣ୍ଡଳି-ଦୁବୁରୀ ସର୍କିଟ	୦୪.୧୨.୨୦୧୮	୮ଘଣ୍ଟା ରୁ ୧୬ ଘଣ୍ଟା	୧
୩	୪୦୦ କେଭି ମେରାମଣ୍ଡଳି-ମେଣ୍ଢାସାଲ ଲାଇନ	୦୫.୧୨.୨୦୧୮	୮ଘଣ୍ଟା ରୁ ୧୬ ଘଣ୍ଟା	୧
୪	୨୨୦ କେଭି ଅନୁଗୋଳ-ମେରାମଣ୍ଡଳି ସର୍କିଟ	୦୬.୧୨.୨୦୧୮	୮ଘଣ୍ଟା ରୁ ୧୬ ଘଣ୍ଟା	୧
ଇ.ଏଚ୍.ଟି. (ଓ ଆଣ୍ଡ ଏମ୍) ଡିଭିଜନ, ପୁରୀ				
୧	୧୩୨ କେଭି ନିମାପଡ଼ା-ପୁରୀ ଲାଇନ	୦୩.୧୨.୨୦୧୮	୮ଘଣ୍ଟା ରୁ ୧୬ ଘଣ୍ଟା	୧
ଇ.ଏଚ୍.ଟି. (ଓ ଆଣ୍ଡ ଏମ୍) ସର୍କଲ, ବ୍ରହ୍ମପୁର				
୧	୧୩୨ କେଭି ଗଞ୍ଜାମ-ଆସ୍କା ଲାଇନ	୦୩.୧୨.୨୦୧୮	୮ଘଣ୍ଟା ରୁ ୧୬ ଘଣ୍ଟା	୧
୨	୨୨୦ କେଭି ନରେନ୍ଦ୍ରପୁର ଗ୍ରୀଡ ସବଷ୍ଟେସନ	୦୪.୧୨.୨୦୧୮	୮ଘଣ୍ଟା ରୁ ୧୬ ଘଣ୍ଟା	୧
୩	୧୩୨ କେଭି ଦିଗପହଣ୍ଡି-ମୋହନା ଲାଇନ	୦୫.୧୨.୨୦୧୮	୮ଘଣ୍ଟା ରୁ ୧୬ ଘଣ୍ଟା	୧
୪	୨୨୦ କେଭି ନରେନ୍ଦ୍ରପୁର-ଛତ୍ରପୁର ସର୍କିଟ	୦୬.୧୨.୨୦୧୮	୮ଘଣ୍ଟା ରୁ ୧୬ ଘଣ୍ଟା	୧
୫	୧୩୨ କେଭି ବ୍ରହ୍ମପୁର ଗ୍ରୀଡ ବସ୍	୦୭.୧୨.୨୦୧୮	୮ଘଣ୍ଟା ରୁ ୧୬ ଘଣ୍ଟା	୧
୬	୨୨୦ କେଭି ନରେନ୍ଦ୍ରପୁର-ମେଣ୍ଢାସାଲ ସର୍କିଟ	୦୮.୧୨.୨୦୧୮	୮ଘଣ୍ଟା ରୁ ୧୬ ଘଣ୍ଟା	୧
୭	୧୩୨ କେଭି ପାରଲାଖେମୁଣ୍ଡି ଗ୍ରୀଡ	୧୦.୧୨.୨୦୧୮	୮ଘଣ୍ଟା ରୁ ୧୬ ଘଣ୍ଟା	୧
୮	୧୩୨ କେଭି ଆସ୍କା-ଭଞ୍ଜନଗର ଲାଇନ	୧୧.୧୨.୨୦୧୮	୮ଘଣ୍ଟା ରୁ ୧୬ ଘଣ୍ଟା	୧
୯	୧୩୨ କେଭି ଛତ୍ରପୁର ଗ୍ରୀଡ ସବଷ୍ଟେସନ	୧୨.୧୨.୨୦୧୮	୮ଘଣ୍ଟା ରୁ ୧୬ ଘଣ୍ଟା	୧
ଇ.ଏଚ୍.ଟି. (ଓ ଆଣ୍ଡ ଏମ୍) ଡିଭିଜନ, ଭଞ୍ଜନଗର				
୧	୧୩୨ କେଭି ଆସ୍କା ଗ୍ରୀଡ ସବଷ୍ଟେସନ	୦୩.୧୨.୨୦୧୮	୮ଘଣ୍ଟା ରୁ ୧୬ ଘଣ୍ଟା	୧
୨	୨୨୦ କେଭି ଭଞ୍ଜନଗର-ଆସ୍କା ସର୍କିଟ	୦୪.୧୨.୨୦୧୮	୮ଘଣ୍ଟା ରୁ ୧୬ ଘଣ୍ଟା	୧
୩	୨୨୦ କେଭି ଭଞ୍ଜନଗର-ରସେଲକୁଣ୍ଡା ସର୍କିଟ	୦୫.୧୨.୨୦୧୮	୮ଘଣ୍ଟା ରୁ ୧୬ ଘଣ୍ଟା	୧
୪	୧୩୨ କେଭି ଫୁଲବାଣୀ ଗ୍ରୀଡ ସବଷ୍ଟେସନ	୦୬.୧୨.୨୦୧୮	୮ଘଣ୍ଟା ରୁ ୧୬ ଘଣ୍ଟା	୧
୫	୧୩୨ କେଭି ଭଞ୍ଜନଗର-ଫୁଲବାଣୀ ଲାଇନ	୦୭.୧୨.୨୦୧୮	୮ଘଣ୍ଟା ରୁ ୧୬ ଘଣ୍ଟା	୧
୬	୨୨୦ କେଭି ଭଞ୍ଜନଗର ଗ୍ରୀଡ ବସ୍ ନଂ-୨	୦୮.୧୨.୨୦୧୮	୮ଘଣ୍ଟା ରୁ ୧୬ ଘଣ୍ଟା	୧
Continued on next page
